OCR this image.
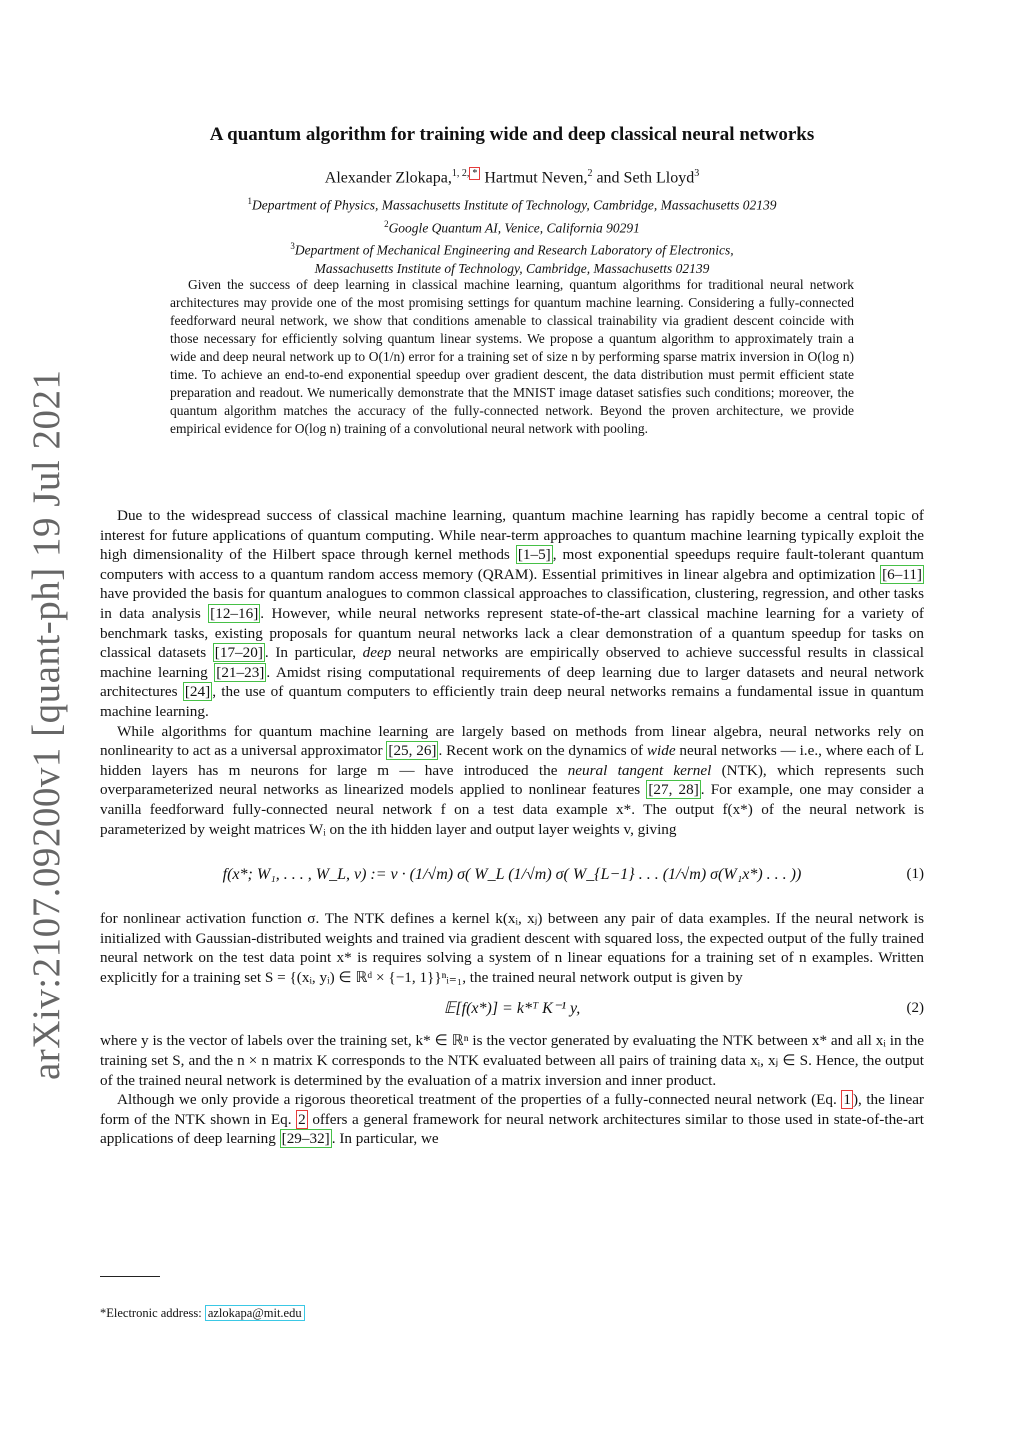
arXiv:2107.09200v1 [quant-ph] 19 Jul 2021
A quantum algorithm for training wide and deep classical neural networks
Alexander Zlokapa,$^{1, 2,}$ * Hartmut Neven,$^2$ and Seth Lloyd$^3$
$^1$Department of Physics, Massachusetts Institute of Technology, Cambridge, Massachusetts 02139
$^2$Google Quantum AI, Venice, California 90291
$^3$Department of Mechanical Engineering and Research Laboratory of Electronics,
Massachusetts Institute of Technology, Cambridge, Massachusetts 02139

Given the success of deep learning in classical machine learning, quantum algorithms for traditional neural network architectures may provide one of the most promising settings for quantum machine learning. Considering a fully-connected feedforward neural network, we show that conditions amenable to classical trainability via gradient descent coincide with those necessary for efficiently solving quantum linear systems. We propose a quantum algorithm to approximately train a wide and deep neural network up to O(1/n) error for a training set of size n by performing sparse matrix inversion in O(log n) time. To achieve an end-to-end exponential speedup over gradient descent, the data distribution must permit efficient state preparation and readout. We numerically demonstrate that the MNIST image dataset satisfies such conditions; moreover, the quantum algorithm matches the accuracy of the fully-connected network. Beyond the proven architecture, we provide empirical evidence for O(log n) training of a convolutional neural network with pooling.

Due to the widespread success of classical machine learning, quantum machine learning has rapidly become a central topic of interest for future applications of quantum computing. While near-term approaches to quantum machine learning typically exploit the high dimensionality of the Hilbert space through kernel methods [1–5] , most exponential speedups require fault-tolerant quantum computers with access to a quantum random access memory (QRAM). Essential primitives in linear algebra and optimization [6–11] have provided the basis for quantum analogues to common classical approaches to classification, clustering, regression, and other tasks in data analysis [12–16] . However, while neural networks represent state-of-the-art classical machine learning for a variety of benchmark tasks, existing proposals for quantum neural networks lack a clear demonstration of a quantum speedup for tasks on classical datasets [17–20] . In particular, deep neural networks are empirically observed to achieve successful results in classical machine learning [21–23] . Amidst rising computational requirements of deep learning due to larger datasets and neural network architectures [24] , the use of quantum computers to efficiently train deep neural networks remains a fundamental issue in quantum machine learning.

While algorithms for quantum machine learning are largely based on methods from linear algebra, neural networks rely on nonlinearity to act as a universal approximator [25, 26] . Recent work on the dynamics of wide neural networks — i.e., where each of L hidden layers has m neurons for large m — have introduced the neural tangent kernel (NTK), which represents such overparameterized neural networks as linearized models applied to nonlinear features [27, 28] . For example, one may consider a vanilla feedforward fully-connected neural network f on a test data example x*. The output f(x*) of the neural network is parameterized by weight matrices Wᵢ on the ith hidden layer and output layer weights v, giving

f(x*; W₁, . . . , W_L, v) := v · (1/√m) σ( W_L (1/√m) σ( W_{L−1} . . . (1/√m) σ(W₁x*) . . . ))	(1)

for nonlinear activation function σ. The NTK defines a kernel k(xᵢ, xⱼ) between any pair of data examples. If the neural network is initialized with Gaussian-distributed weights and trained via gradient descent with squared loss, the expected output of the fully trained neural network on the test data point x* is requires solving a system of n linear equations for a training set of n examples. Written explicitly for a training set S = {(xᵢ, yᵢ) ∈ ℝᵈ × {−1, 1}}ⁿᵢ₌₁, the trained neural network output is given by

𝔼[f(x*)] = k*ᵀ K⁻¹ y,	(2)

where y is the vector of labels over the training set, k* ∈ ℝⁿ is the vector generated by evaluating the NTK between x* and all xᵢ in the training set S, and the n × n matrix K corresponds to the NTK evaluated between all pairs of training data xᵢ, xⱼ ∈ S. Hence, the output of the trained neural network is determined by the evaluation of a matrix inversion and inner product.

Although we only provide a rigorous theoretical treatment of the properties of a fully-connected neural network (Eq. 1 ), the linear form of the NTK shown in Eq. 2 offers a general framework for neural network architectures similar to those used in state-of-the-art applications of deep learning [29–32] . In particular, we

*Electronic address: azlokapa@mit.edu
